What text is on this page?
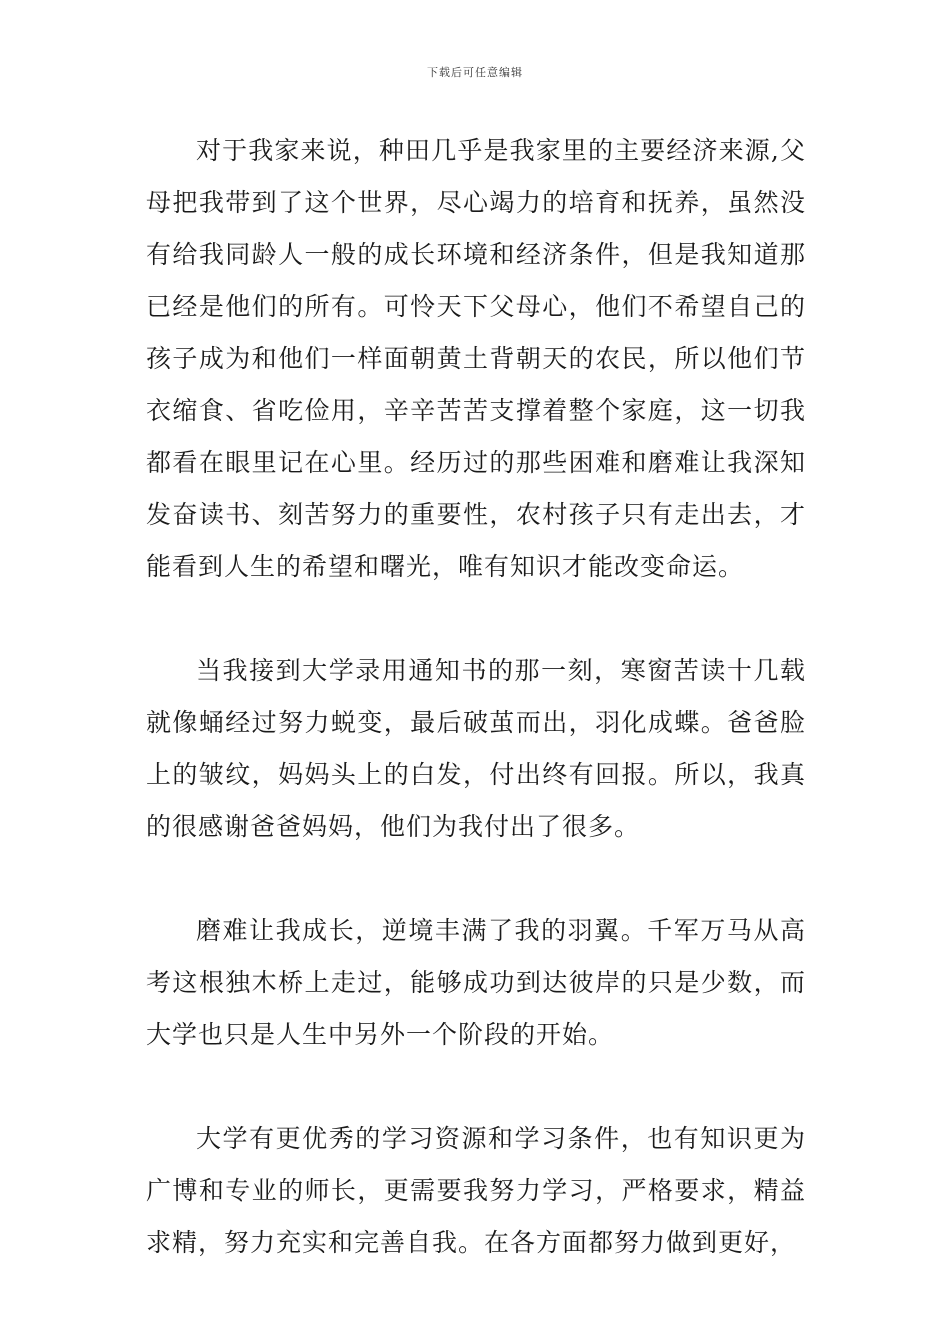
下载后可任意编辑

对于我家来说，种田几乎是我家里的主要经济来源,父母把我带到了这个世界，尽心竭力的培育和抚养，虽然没有给我同龄人一般的成长环境和经济条件，但是我知道那已经是他们的所有。可怜天下父母心，他们不希望自己的孩子成为和他们一样面朝黄土背朝天的农民，所以他们节衣缩食、省吃俭用，辛辛苦苦支撑着整个家庭，这一切我都看在眼里记在心里。经历过的那些困难和磨难让我深知发奋读书、刻苦努力的重要性，农村孩子只有走出去，才能看到人生的希望和曙光，唯有知识才能改变命运。

当我接到大学录用通知书的那一刻，寒窗苦读十几载就像蛹经过努力蜕变，最后破茧而出，羽化成蝶。爸爸脸上的皱纹，妈妈头上的白发，付出终有回报。所以，我真的很感谢爸爸妈妈，他们为我付出了很多。

磨难让我成长，逆境丰满了我的羽翼。千军万马从高考这根独木桥上走过，能够成功到达彼岸的只是少数，而大学也只是人生中另外一个阶段的开始。

大学有更优秀的学习资源和学习条件，也有知识更为广博和专业的师长，更需要我努力学习，严格要求，精益求精，努力充实和完善自我。在各方面都努力做到更好，
